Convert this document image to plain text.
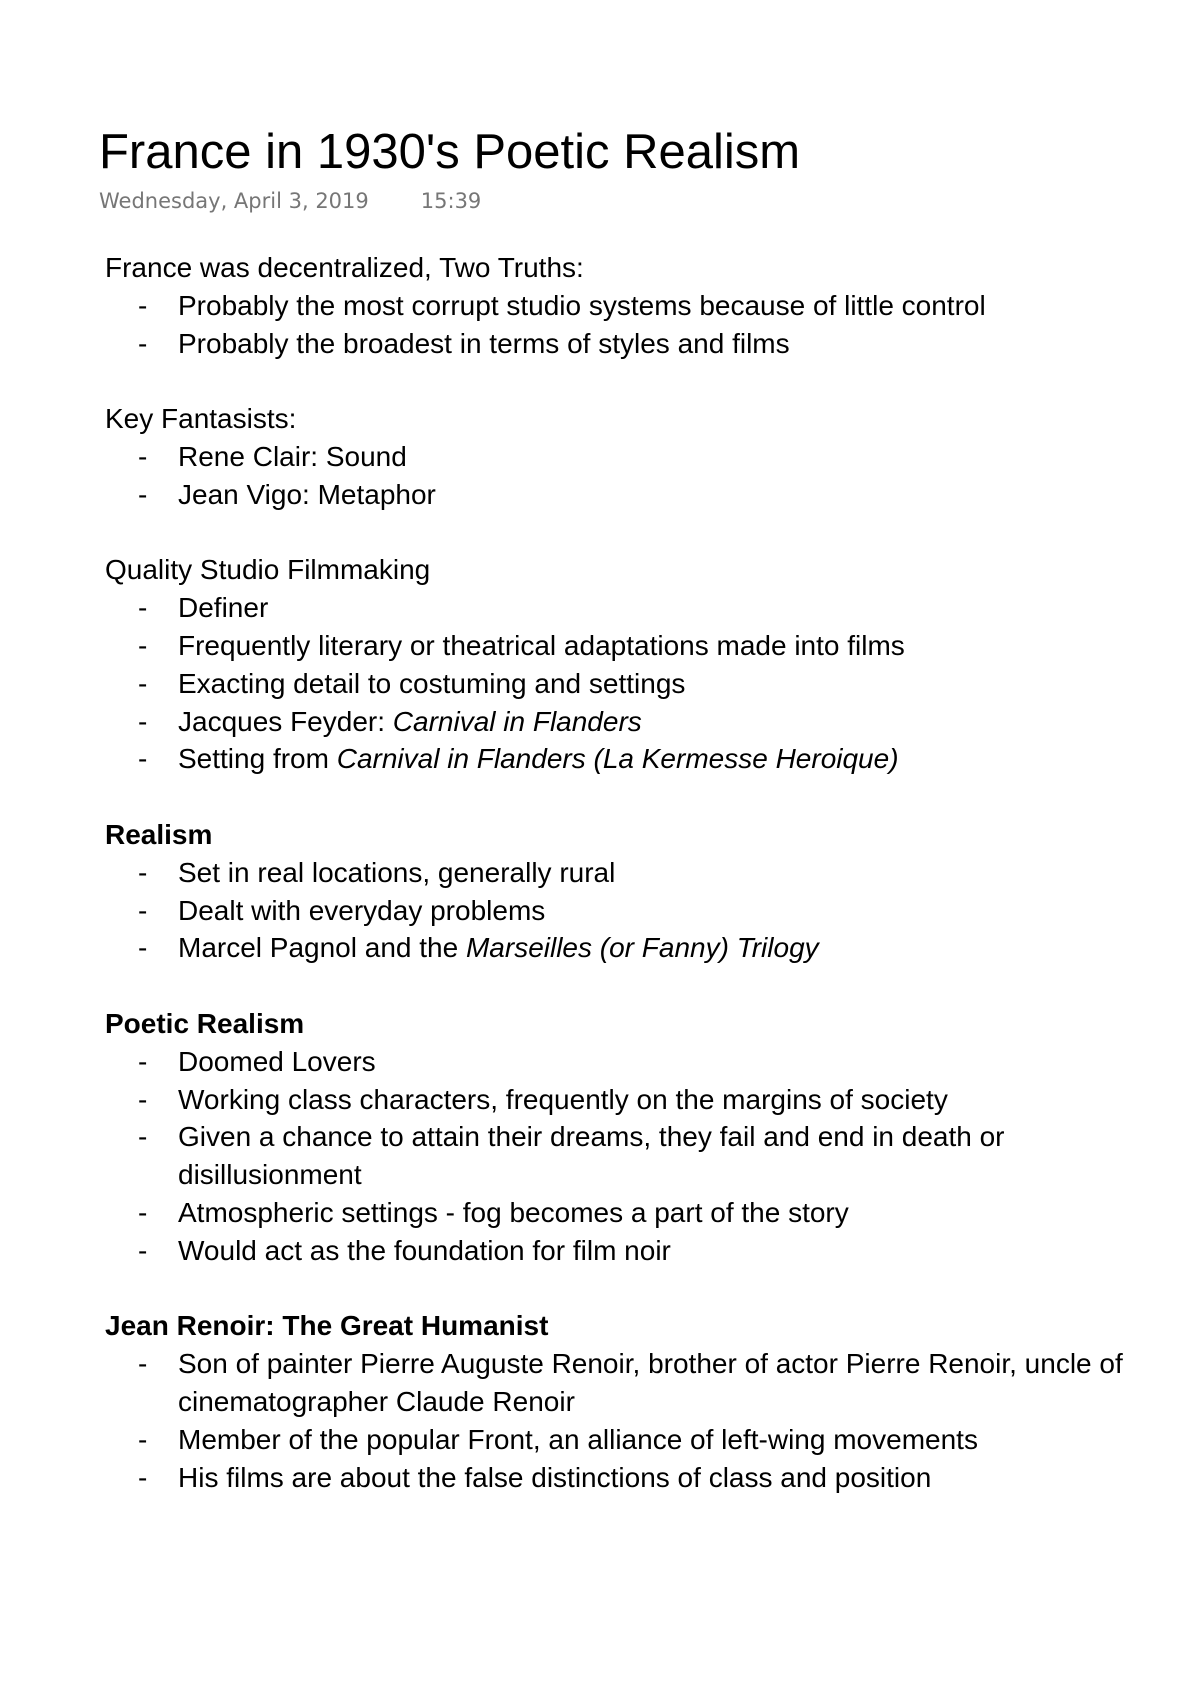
France in 1930's Poetic Realism
Wednesday, April 3, 2019 15:39
France was decentralized, Two Truths:
- Probably the most corrupt studio systems because of little control
- Probably the broadest in terms of styles and films
Key Fantasists:
- Rene Clair: Sound
- Jean Vigo: Metaphor
Quality Studio Filmmaking
- Definer
- Frequently literary or theatrical adaptations made into films
- Exacting detail to costuming and settings
- Jacques Feyder: Carnival in Flanders
- Setting from Carnival in Flanders (La Kermesse Heroique)
Realism
- Set in real locations, generally rural
- Dealt with everyday problems
- Marcel Pagnol and the Marseilles (or Fanny) Trilogy
Poetic Realism
- Doomed Lovers
- Working class characters, frequently on the margins of society
- Given a chance to attain their dreams, they fail and end in death or disillusionment
- Atmospheric settings - fog becomes a part of the story
- Would act as the foundation for film noir
Jean Renoir: The Great Humanist
- Son of painter Pierre Auguste Renoir, brother of actor Pierre Renoir, uncle of cinematographer Claude Renoir
- Member of the popular Front, an alliance of left-wing movements
- His films are about the false distinctions of class and position
